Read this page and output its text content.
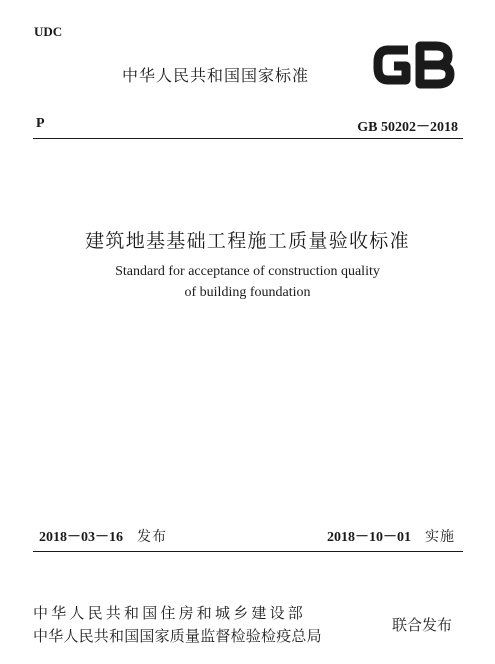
UDC
中华人民共和国国家标准
GB
P	GB 50202－2018
建筑地基基础工程施工质量验收标准
Standard for acceptance of construction quality
of building foundation
2018－03－16 发布	2018－10－01 实施
中华人民共和国住房和城乡建设部
中华人民共和国国家质量监督检验检疫总局
联合发布
